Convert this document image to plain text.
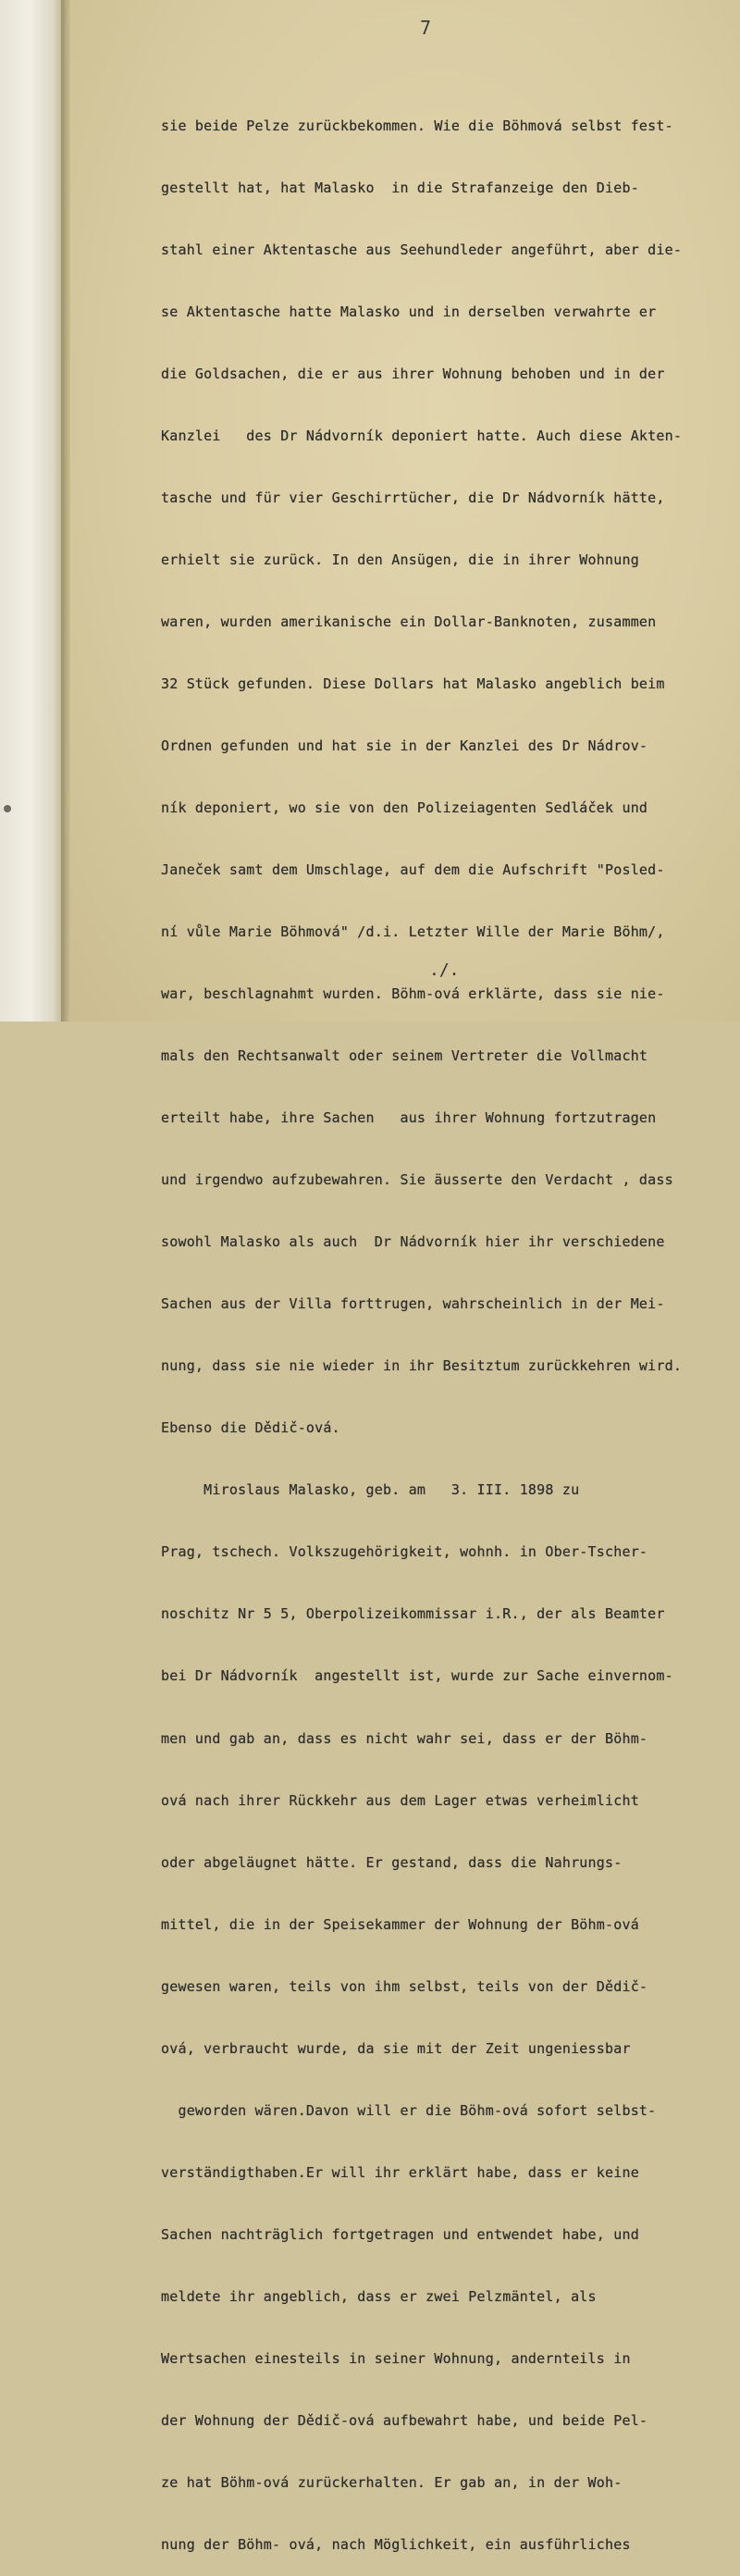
7

sie beide Pelze zurückbekommen. Wie die Böhmová selbst fest-

gestellt hat, hat Malasko  in die Strafanzeige den Dieb-

stahl einer Aktentasche aus Seehundleder angeführt, aber die-

se Aktentasche hatte Malasko und in derselben verwahrte er

die Goldsachen, die er aus ihrer Wohnung behoben und in der

Kanzlei   des Dr Nádvorník deponiert hatte. Auch diese Akten-

tasche und für vier Geschirrtücher, die Dr Nádvorník hätte,

erhielt sie zurück. In den Ansügen, die in ihrer Wohnung

waren, wurden amerikanische ein Dollar-Banknoten, zusammen

32 Stück gefunden. Diese Dollars hat Malasko angeblich beim

Ordnen gefunden und hat sie in der Kanzlei des Dr Nádrov-

ník deponiert, wo sie von den Polizeiagenten Sedláček und

Janeček samt dem Umschlage, auf dem die Aufschrift "Posled-

ní vůle Marie Böhmová" /d.i. Letzter Wille der Marie Böhm/,

war, beschlagnahmt wurden. Böhm-ová erklärte, dass sie nie-

mals den Rechtsanwalt oder seinem Vertreter die Vollmacht

erteilt habe, ihre Sachen   aus ihrer Wohnung fortzutragen

und irgendwo aufzubewahren. Sie äusserte den Verdacht , dass

sowohl Malasko als auch  Dr Nádvorník hier ihr verschiedene

Sachen aus der Villa forttrugen, wahrscheinlich in der Mei-

nung, dass sie nie wieder in ihr Besitztum zurückkehren wird.

Ebenso die Dědič-ová.

Miroslaus Malasko, geb. am   3. III. 1898 zu

Prag, tschech. Volkszugehörigkeit, wohnh. in Ober-Tscher-

noschitz Nr 5 5, Oberpolizeikommissar i.R., der als Beamter

bei Dr Nádvorník  angestellt ist, wurde zur Sache einvernom-

men und gab an, dass es nicht wahr sei, dass er der Böhm-

ová nach ihrer Rückkehr aus dem Lager etwas verheimlicht

oder abgeläugnet hätte. Er gestand, dass die Nahrungs-

mittel, die in der Speisekammer der Wohnung der Böhm-ová

gewesen waren, teils von ihm selbst, teils von der Dědič-

ová, verbraucht wurde, da sie mit der Zeit ungeniessbar

geworden wären.Davon will er die Böhm-ová sofort selbst-

verständigthaben.Er will ihr erklärt habe, dass er keine

Sachen nachträglich fortgetragen und entwendet habe, und

meldete ihr angeblich, dass er zwei Pelzmäntel, als

Wertsachen einesteils in seiner Wohnung, andernteils in

der Wohnung der Dědič-ová aufbewahrt habe, und beide Pel-

ze hat Böhm-ová zurückerhalten. Er gab an, in der Woh-

nung der Böhm- ová, nach Möglichkeit, ein ausführliches

./.
